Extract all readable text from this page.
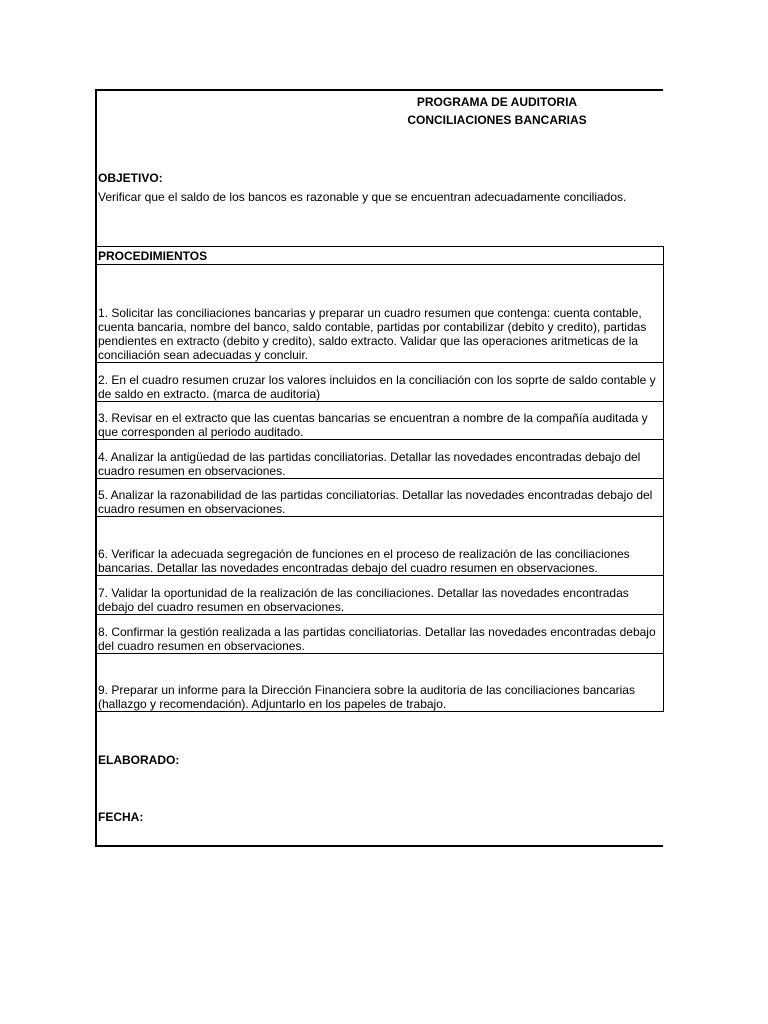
PROGRAMA DE AUDITORIA
CONCILIACIONES BANCARIAS
OBJETIVO:
Verificar que el saldo de los bancos es razonable y que se encuentran adecuadamente conciliados.
PROCEDIMIENTOS
1. Solicitar las conciliaciones bancarias y preparar un cuadro resumen que contenga: cuenta contable, cuenta bancaria, nombre del banco, saldo contable, partidas por contabilizar (debito y credito), partidas pendientes en extracto (debito y credito), saldo extracto. Validar que las operaciones aritmeticas de la conciliación sean adecuadas y concluir.
2. En el cuadro resumen cruzar los valores incluidos en la conciliación con los soprte de saldo contable y de saldo en extracto. (marca de auditoria)
3. Revisar en el extracto que las cuentas bancarias se encuentran a nombre de la compañía auditada y que corresponden al periodo auditado.
4. Analizar la antigüedad de las partidas conciliatorias. Detallar las novedades encontradas debajo del cuadro resumen en observaciones.
5. Analizar la razonabilidad de las partidas conciliatorias. Detallar las novedades encontradas debajo del cuadro resumen en observaciones.
6. Verificar la adecuada segregación de funciones en el proceso de realización de las conciliaciones bancarias. Detallar las novedades encontradas debajo del cuadro resumen en observaciones.
7. Validar la oportunidad de la realización de las conciliaciones. Detallar las novedades encontradas debajo del cuadro resumen en observaciones.
8. Confirmar la gestión realizada a las partidas conciliatorias. Detallar las novedades encontradas debajo del cuadro resumen en observaciones.
9. Preparar un informe para la Dirección Financiera sobre la auditoria de las conciliaciones bancarias (hallazgo y recomendación). Adjuntarlo en los papeles de trabajo.
ELABORADO:
FECHA:
